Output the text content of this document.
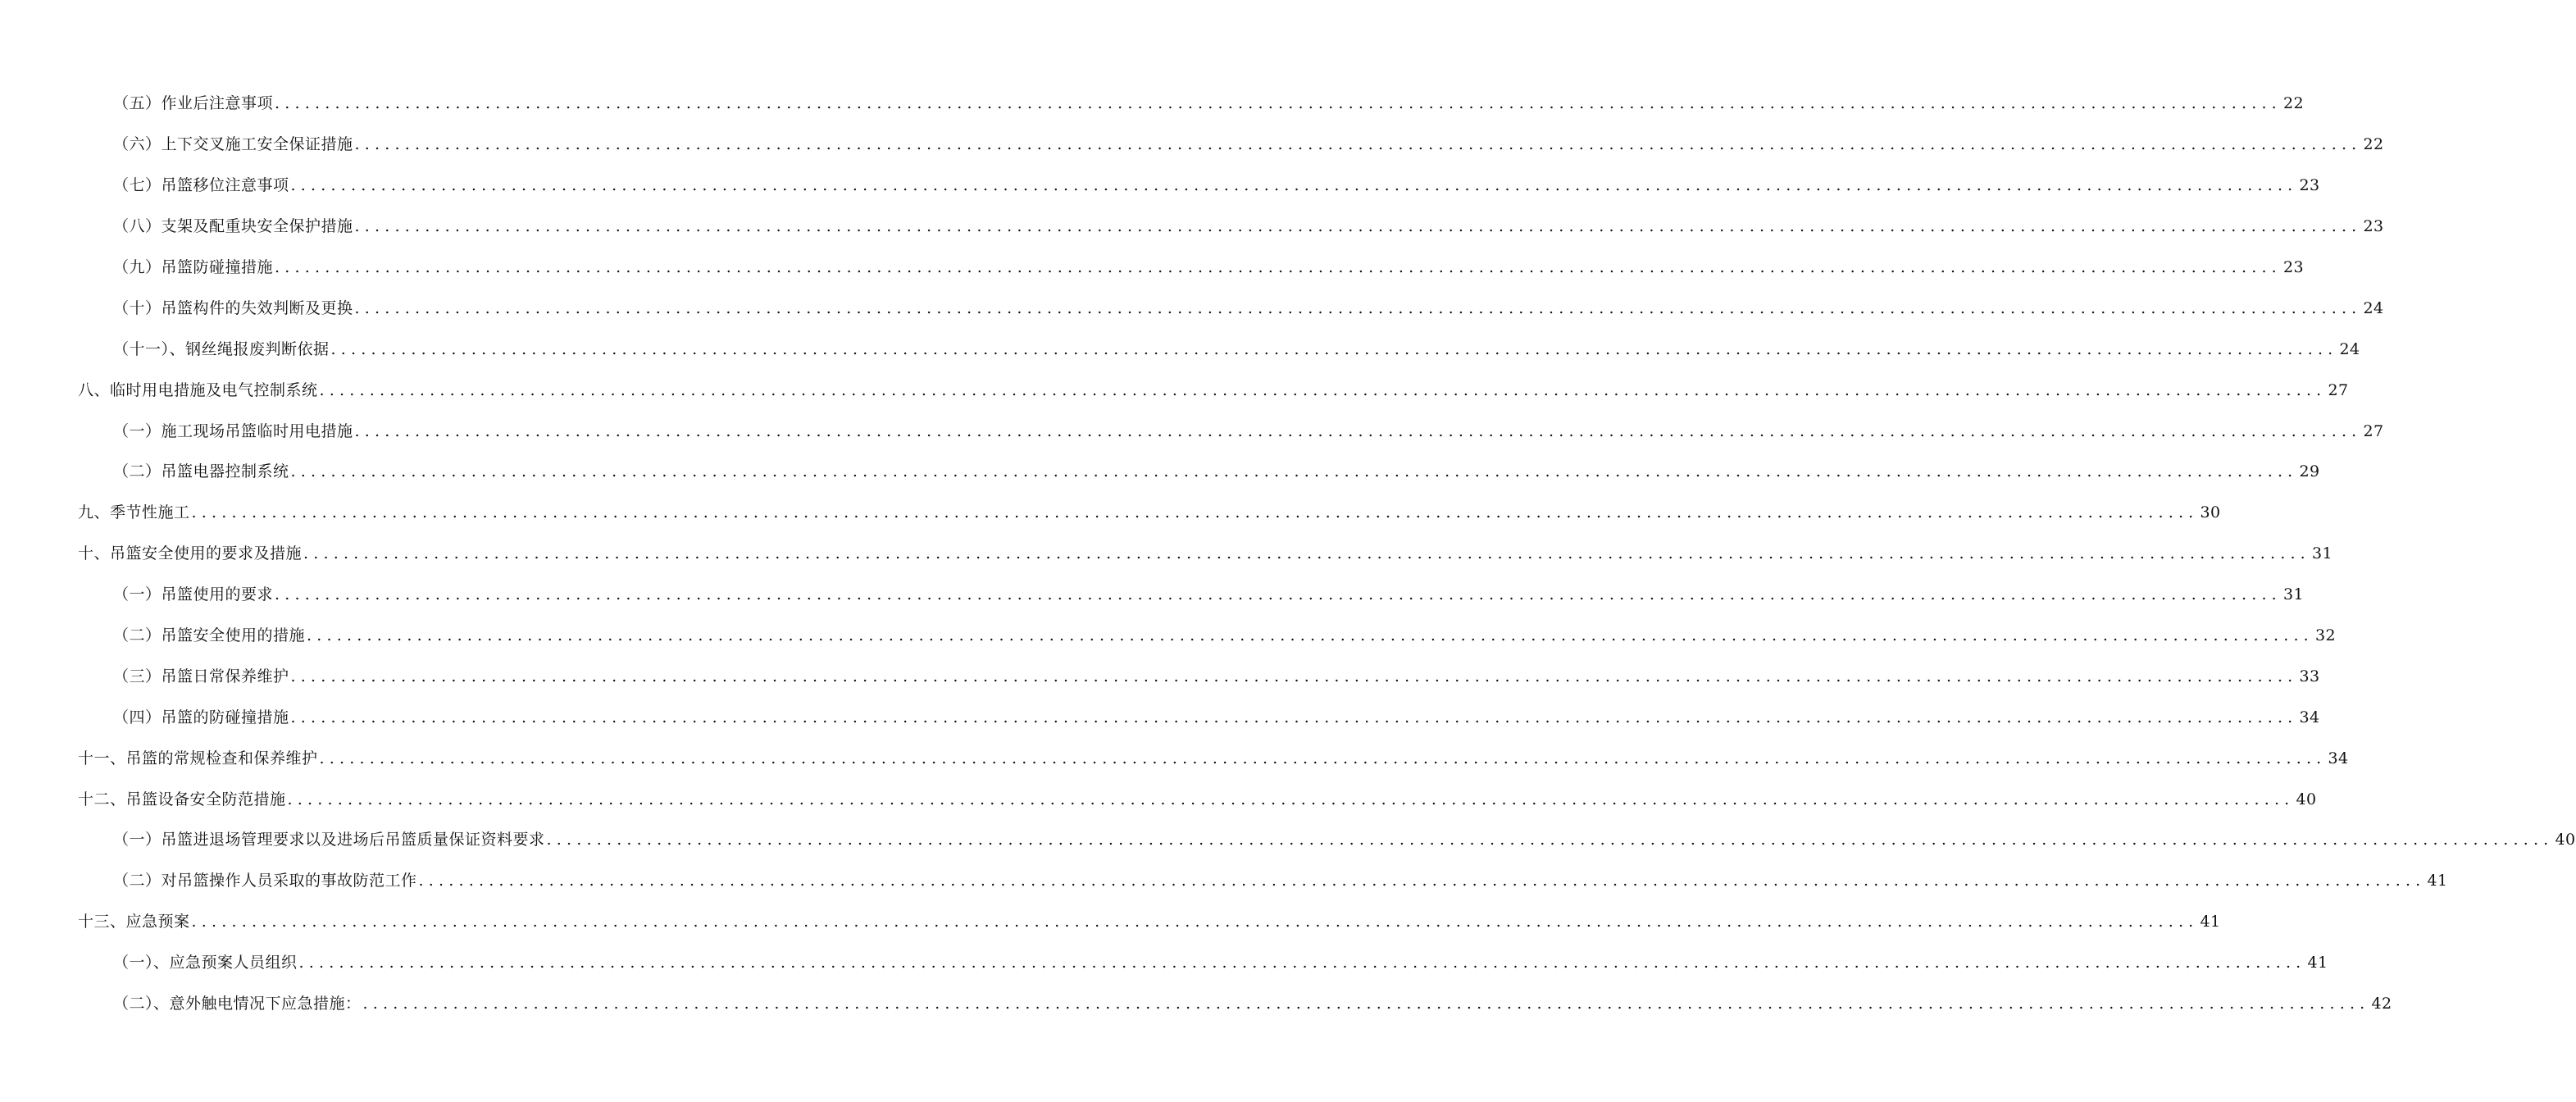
（五）作业后注意事项 ........................................................................................................................................................................................................ 22
（六）上下交叉施工安全保证措施 ........................................................................................................................................................................................................ 22
（七）吊篮移位注意事项 ........................................................................................................................................................................................................ 23
（八）支架及配重块安全保护措施 ........................................................................................................................................................................................................ 23
（九）吊篮防碰撞措施 ........................................................................................................................................................................................................ 23
（十）吊篮构件的失效判断及更换 ........................................................................................................................................................................................................ 24
（十一）、钢丝绳报废判断依据 ........................................................................................................................................................................................................ 24
八、临时用电措施及电气控制系统 ........................................................................................................................................................................................................ 27
（一）施工现场吊篮临时用电措施 ........................................................................................................................................................................................................ 27
（二）吊篮电器控制系统 ........................................................................................................................................................................................................ 29
九、季节性施工 ........................................................................................................................................................................................................ 30
十、吊篮安全使用的要求及措施 ........................................................................................................................................................................................................ 31
（一）吊篮使用的要求 ........................................................................................................................................................................................................ 31
（二）吊篮安全使用的措施 ........................................................................................................................................................................................................ 32
（三）吊篮日常保养维护 ........................................................................................................................................................................................................ 33
（四）吊篮的防碰撞措施 ........................................................................................................................................................................................................ 34
十一、吊篮的常规检查和保养维护 ........................................................................................................................................................................................................ 34
十二、吊篮设备安全防范措施 ........................................................................................................................................................................................................ 40
（一）吊篮进退场管理要求以及进场后吊篮质量保证资料要求 ........................................................................................................................................................................................................ 40
（二）对吊篮操作人员采取的事故防范工作 ........................................................................................................................................................................................................ 41
十三、应急预案 ........................................................................................................................................................................................................ 41
（一）、应急预案人员组织 ........................................................................................................................................................................................................ 41
（二）、意外触电情况下应急措施： ........................................................................................................................................................................................................ 42
